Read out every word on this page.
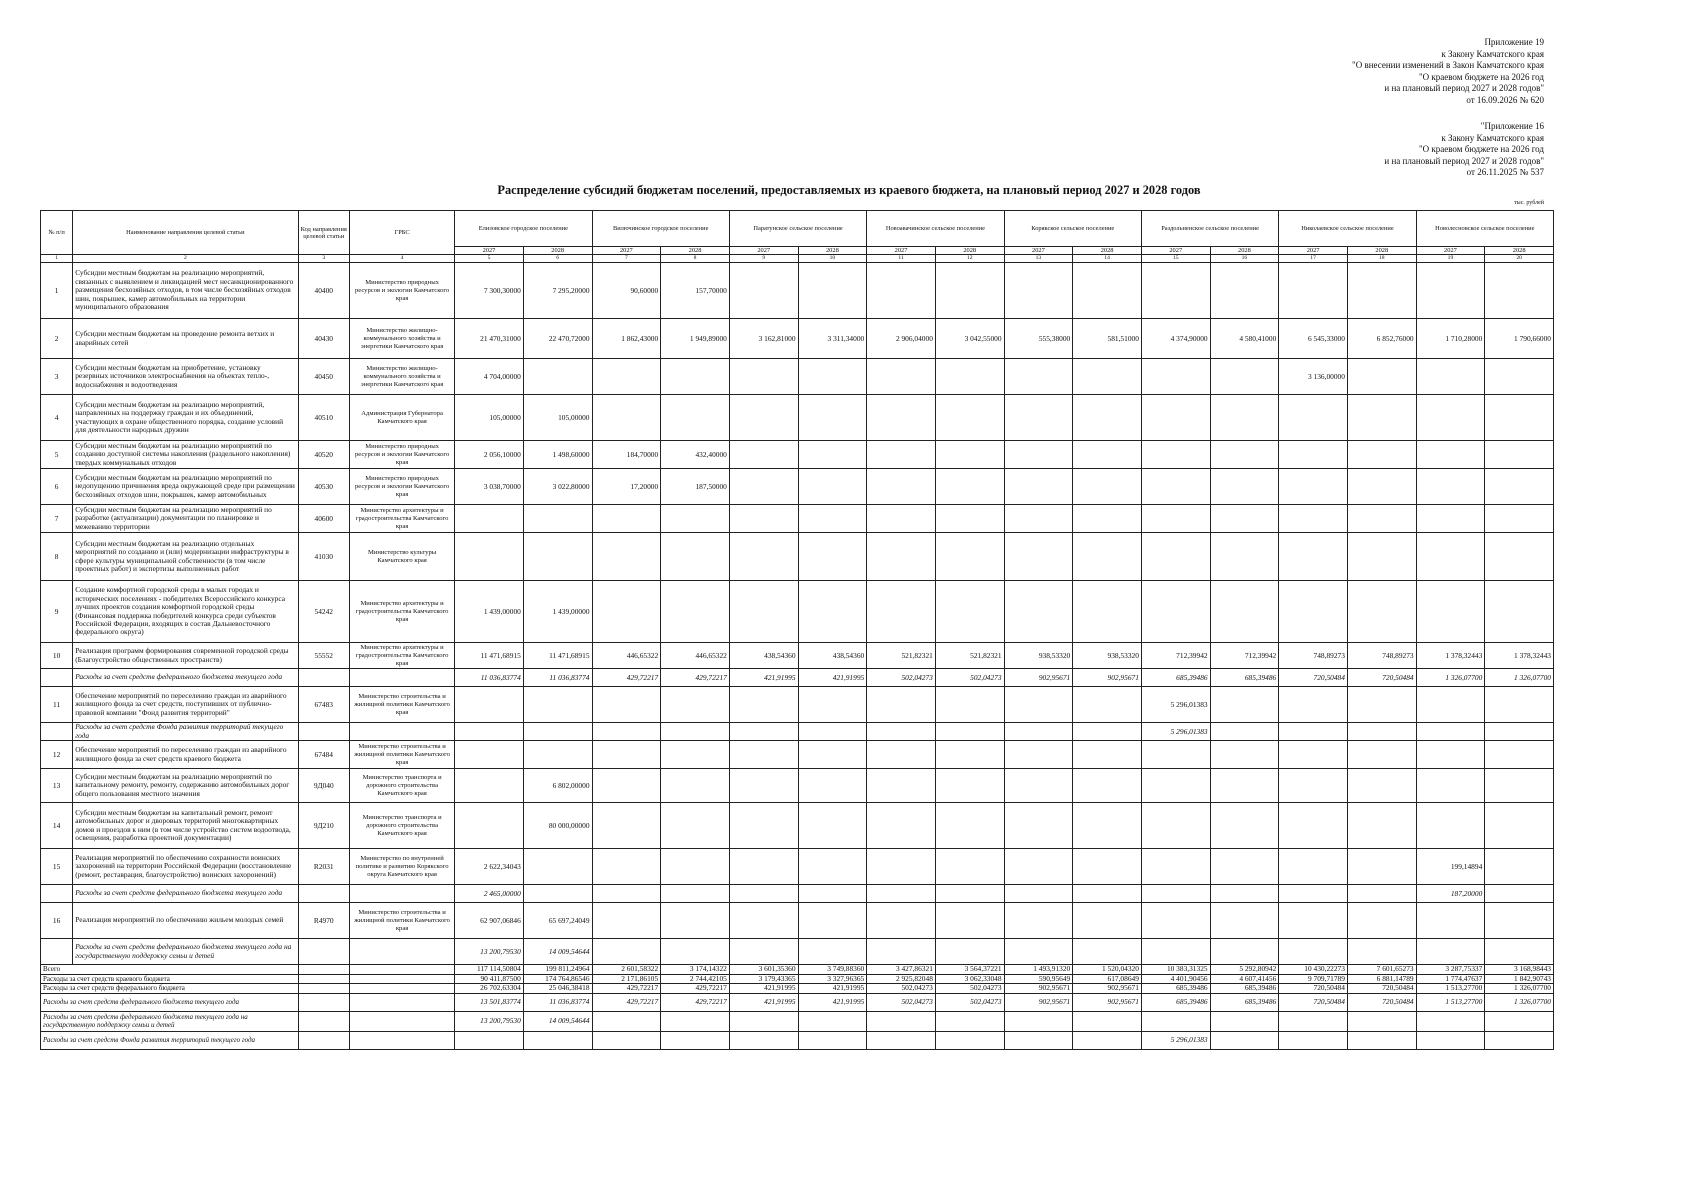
Приложение 19
к Закону Камчатского края
"О внесении изменений в Закон Камчатского края
"О краевом бюджете на 2026 год
и на плановый период 2027 и 2028 годов"
от 16.09.2026 № 620
"Приложение 16
к Закону Камчатского края
"О краевом бюджете на 2026 год
и на плановый период 2027 и 2028 годов"
от 26.11.2025 № 537
Распределение субсидий бюджетам поселений, предоставляемых из краевого бюджета, на плановый период 2027 и 2028 годов
тыс. рублей
№ п/п	Наименование направления целевой статьи	Код направления целевой статьи	ГРБС	Елизовское городское поселение		Вилючинское городское поселение		Паратунское сельское поселение		Новоавачинское сельское поселение		Корякское сельское поселение		Раздольненское сельское поселение		Николаевское сельское поселение		Новолесновское сельское поселение	
				2027	2028	2027	2028	2027	2028	2027	2028	2027	2028	2027	2028	2027	2028	2027	2028
1	2	3	4	5	6	7	8	9	10	11	12	13	14	15	16	17	18	19	20
1	Субсидии местным бюджетам на реализацию мероприятий, связанных с выявлением и ликвидацией мест несанкционированного размещения бесхозяйных отходов, в том числе бесхозяйных отходов шин, покрышек, камер автомобильных на территории муниципального образования	40400	Министерство природных ресурсов и экологии Камчатского края	7 300,30000	7 295,20000	90,60000	157,70000												
2	Субсидии местным бюджетам на проведение ремонта ветхих и аварийных сетей	40430	Министерство жилищно-коммунального хозяйства и энергетики Камчатского края	21 470,31000	22 470,72000	1 862,43000	1 949,89000	3 162,81000	3 311,34000	2 906,04000	3 042,55000	555,38000	581,51000	4 374,90000	4 580,41000	6 545,33000	6 852,76000	1 710,28000	1 790,66000
3	Субсидии местным бюджетам на приобретение, установку резервных источников электроснабжения на объектах тепло-, водоснабжения и водоотведения	40450	Министерство жилищно-коммунального хозяйства и энергетики Камчатского края	4 704,00000												3 136,00000			
4	Субсидии местным бюджетам на реализацию мероприятий, направленных на поддержку граждан и их объединений, участвующих в охране общественного порядка, создание условий для деятельности народных дружин	40510	Администрация Губернатора Камчатского края	105,00000	105,00000														
5	Субсидии местным бюджетам на реализацию мероприятий по созданию доступной системы накопления (раздельного накопления) твердых коммунальных отходов	40520	Министерство природных ресурсов и экологии Камчатского края	2 056,10000	1 498,60000	184,70000	432,40000												
6	Субсидии местным бюджетам на реализацию мероприятий по недопущению причинения вреда окружающей среде при размещении бесхозяйных отходов шин, покрышек, камер автомобильных	40530	Министерство природных ресурсов и экологии Камчатского края	3 038,70000	3 022,80000	17,20000	187,50000												
7	Субсидии местным бюджетам на реализацию мероприятий по разработке (актуализации) документации по планировке и межеванию территории	40600	Министерство архитектуры и градостроительства Камчатского края																
8	Субсидии местным бюджетам на реализацию отдельных мероприятий по созданию и (или) модернизации инфраструктуры в сфере культуры муниципальной собственности (в том числе проектных работ) и экспертизы выполненных работ	41030	Министерство культуры Камчатского края																
9	Создание комфортной городской среды в малых городах и исторических поселениях - победителях Всероссийского конкурса лучших проектов создания комфортной городской среды (Финансовая поддержка победителей конкурса среди субъектов Российской Федерации, входящих в состав Дальневосточного федерального округа)	54242	Министерство архитектуры и градостроительства Камчатского края	1 439,00000	1 439,00000														
10	Реализация программ формирования современной городской среды (Благоустройство общественных пространств)	55552	Министерство архитектуры и градостроительства Камчатского края	11 471,68915	11 471,68915	446,65322	446,65322	438,54360	438,54360	521,82321	521,82321	938,53320	938,53320	712,39942	712,39942	748,89273	748,89273	1 378,32443	1 378,32443
	Расходы за счет средств федерального бюджета текущего года			11 036,83774	11 036,83774	429,72217	429,72217	421,91995	421,91995	502,04273	502,04273	902,95671	902,95671	685,39486	685,39486	720,50484	720,50484	1 326,07700	1 326,07700
11	Обеспечение мероприятий по переселению граждан из аварийного жилищного фонда за счет средств, поступивших от публично-правовой компании "Фонд развития территорий"	67483	Министерство строительства и жилищной политики Камчатского края											5 296,01383					
	Расходы за счет средств Фонда развития территорий текущего года													5 296,01383					
12	Обеспечение мероприятий по переселению граждан из аварийного жилищного фонда за счет средств краевого бюджета	67484	Министерство строительства и жилищной политики Камчатского края																
13	Субсидии местным бюджетам на реализацию мероприятий по капитальному ремонту, ремонту, содержанию автомобильных дорог общего пользования местного значения	9Д040	Министерство транспорта и дорожного строительства Камчатского края		6 802,00000														
14	Субсидии местным бюджетам на капитальный ремонт, ремонт автомобильных дорог и дворовых территорий многоквартирных домов и проездов к ним (в том числе устройство систем водоотвода, освещения, разработка проектной документации)	9Д210	Министерство транспорта и дорожного строительства Камчатского края		80 000,00000														
15	Реализация мероприятий по обеспечению сохранности воинских захоронений на территории Российской Федерации (восстановление (ремонт, реставрация, благоустройство) воинских захоронений)	R2031	Министерство по внутренней политике и развитию Корякского округа Камчатского края	2 622,34043														199,14894	
	Расходы за счет средств федерального бюджета текущего года			2 465,00000														187,20000	
16	Реализация мероприятий по обеспечению жильем молодых семей	R4970	Министерство строительства и жилищной политики Камчатского края	62 907,06846	65 697,24049														
	Расходы за счет средств федерального бюджета текущего года на государственную поддержку семьи и детей			13 200,79530	14 009,54644														
Всего				117 114,50804	199 811,24964	2 601,58322	3 174,14322	3 601,35360	3 749,88360	3 427,86321	3 564,37221	1 493,91320	1 520,04320	10 383,31325	5 292,80942	10 430,22273	7 601,65273	3 287,75337	3 168,98443
Расходы за счет средств краевого бюджета				90 411,87500	174 764,86546	2 171,86105	2 744,42105	3 179,43365	3 327,96365	2 925,82048	3 062,33048	590,95649	617,08649	4 401,90456	4 607,41456	9 709,71789	6 881,14789	1 774,47637	1 842,90743
Расходы за счет средств федерального бюджета				26 702,63304	25 046,38418	429,72217	429,72217	421,91995	421,91995	502,04273	502,04273	902,95671	902,95671	685,39486	685,39486	720,50484	720,50484	1 513,27700	1 326,07700
Расходы за счет средств федерального бюджета текущего года				13 501,83774	11 036,83774	429,72217	429,72217	421,91995	421,91995	502,04273	502,04273	902,95671	902,95671	685,39486	685,39486	720,50484	720,50484	1 513,27700	1 326,07700
Расходы за счет средств федерального бюджета текущего года на государственную поддержку семьи и детей				13 200,79530	14 009,54644														
Расходы за счет средств Фонда развития территорий текущего года														5 296,01383					
